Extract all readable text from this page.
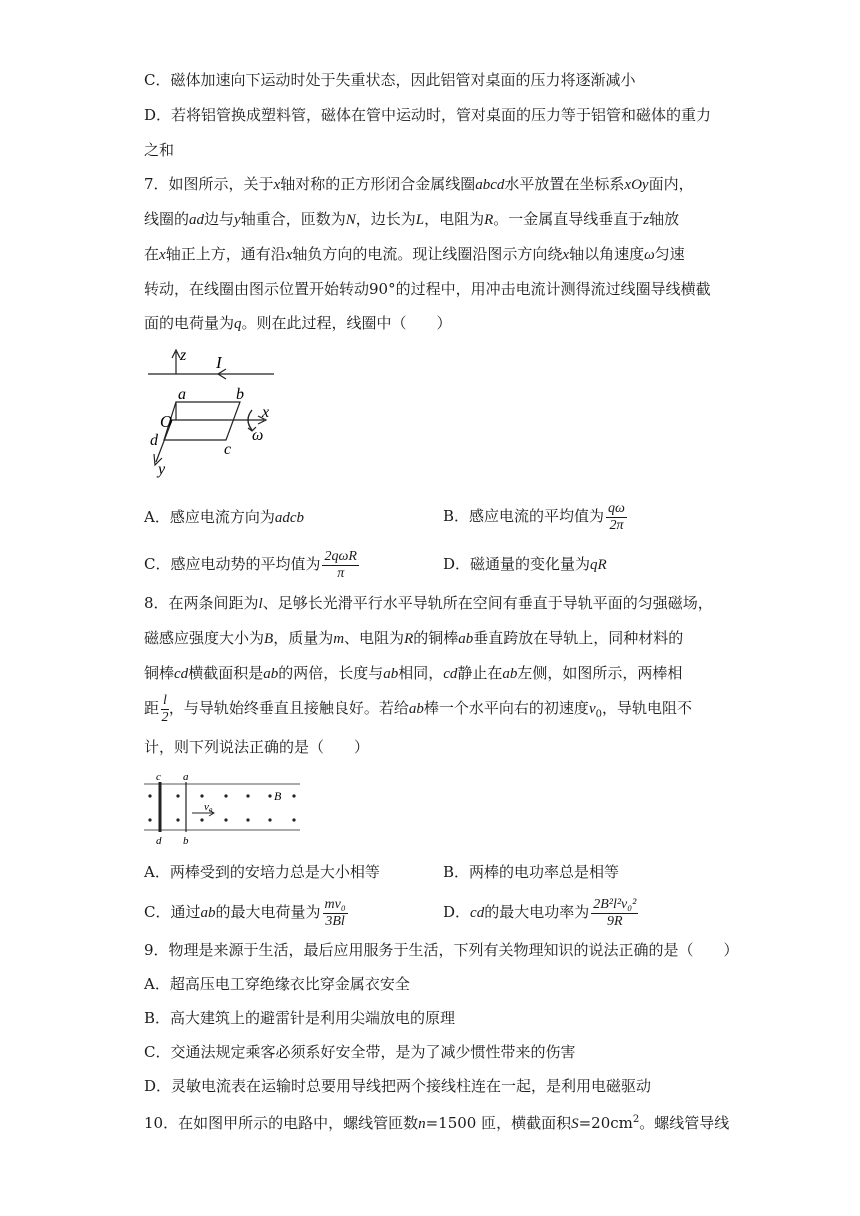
C．磁体加速向下运动时处于失重状态，因此铝管对桌面的压力将逐渐减小
D．若将铝管换成塑料管，磁体在管中运动时，管对桌面的压力等于铝管和磁体的重力
之和
7．如图所示，关于x轴对称的正方形闭合金属线圈abcd水平放置在坐标系xOy面内，
线圈的ad边与y轴重合，匝数为N，边长为L，电阻为R。一金属直导线垂直于z轴放
在x轴正上方，通有沿x轴负方向的电流。现让线圈沿图示方向绕x轴以角速度ω匀速
转动，在线圈由图示位置开始转动90°的过程中，用冲击电流计测得流过线圈导线横截
面的电荷量为q。则在此过程，线圈中（　　）
z I
a	b
x
O
d
c
ω
y
A．感应电流方向为adcb	B．感应电流的平均值为 $\frac{q\omega}{2\pi}$
C．感应电动势的平均值为 $\frac{\text{2qωR}}{\pi}$	D．磁通量的变化量为qR
8．在两条间距为l、足够长光滑平行水平导轨所在空间有垂直于导轨平面的匀强磁场，
磁感应强度大小为B，质量为m、电阻为R的铜棒ab垂直跨放在导轨上，同种材料的
铜棒cd横截面积是ab的两倍，长度与ab相同，cd静止在ab左侧，如图所示，两棒相
距 $\frac{l}{2}$ ，与导轨始终垂直且接触良好。若给ab棒一个水平向右的初速度$v_0$，导轨电阻不
计，则下列说法正确的是（　　）
c a
v₀
B
d b
A．两棒受到的安培力总是大小相等	B．两棒的电功率总是相等
C．通过ab的最大电荷量为 $\frac{\text{mv₀}}{3Bl}$	D．cd的最大电功率为 $\frac{\text{2B²l²v₀²}}{9R}$
9．物理是来源于生活，最后应用服务于生活，下列有关物理知识的说法正确的是（　　）
A．超高压电工穿绝缘衣比穿金属衣安全
B．高大建筑上的避雷针是利用尖端放电的原理
C．交通法规定乘客必须系好安全带，是为了减少惯性带来的伤害
D．灵敏电流表在运输时总要用导线把两个接线柱连在一起，是利用电磁驱动
10．在如图甲所示的电路中，螺线管匝数n=1500 匝，横截面积$S=20cm^2$。螺线管导线
